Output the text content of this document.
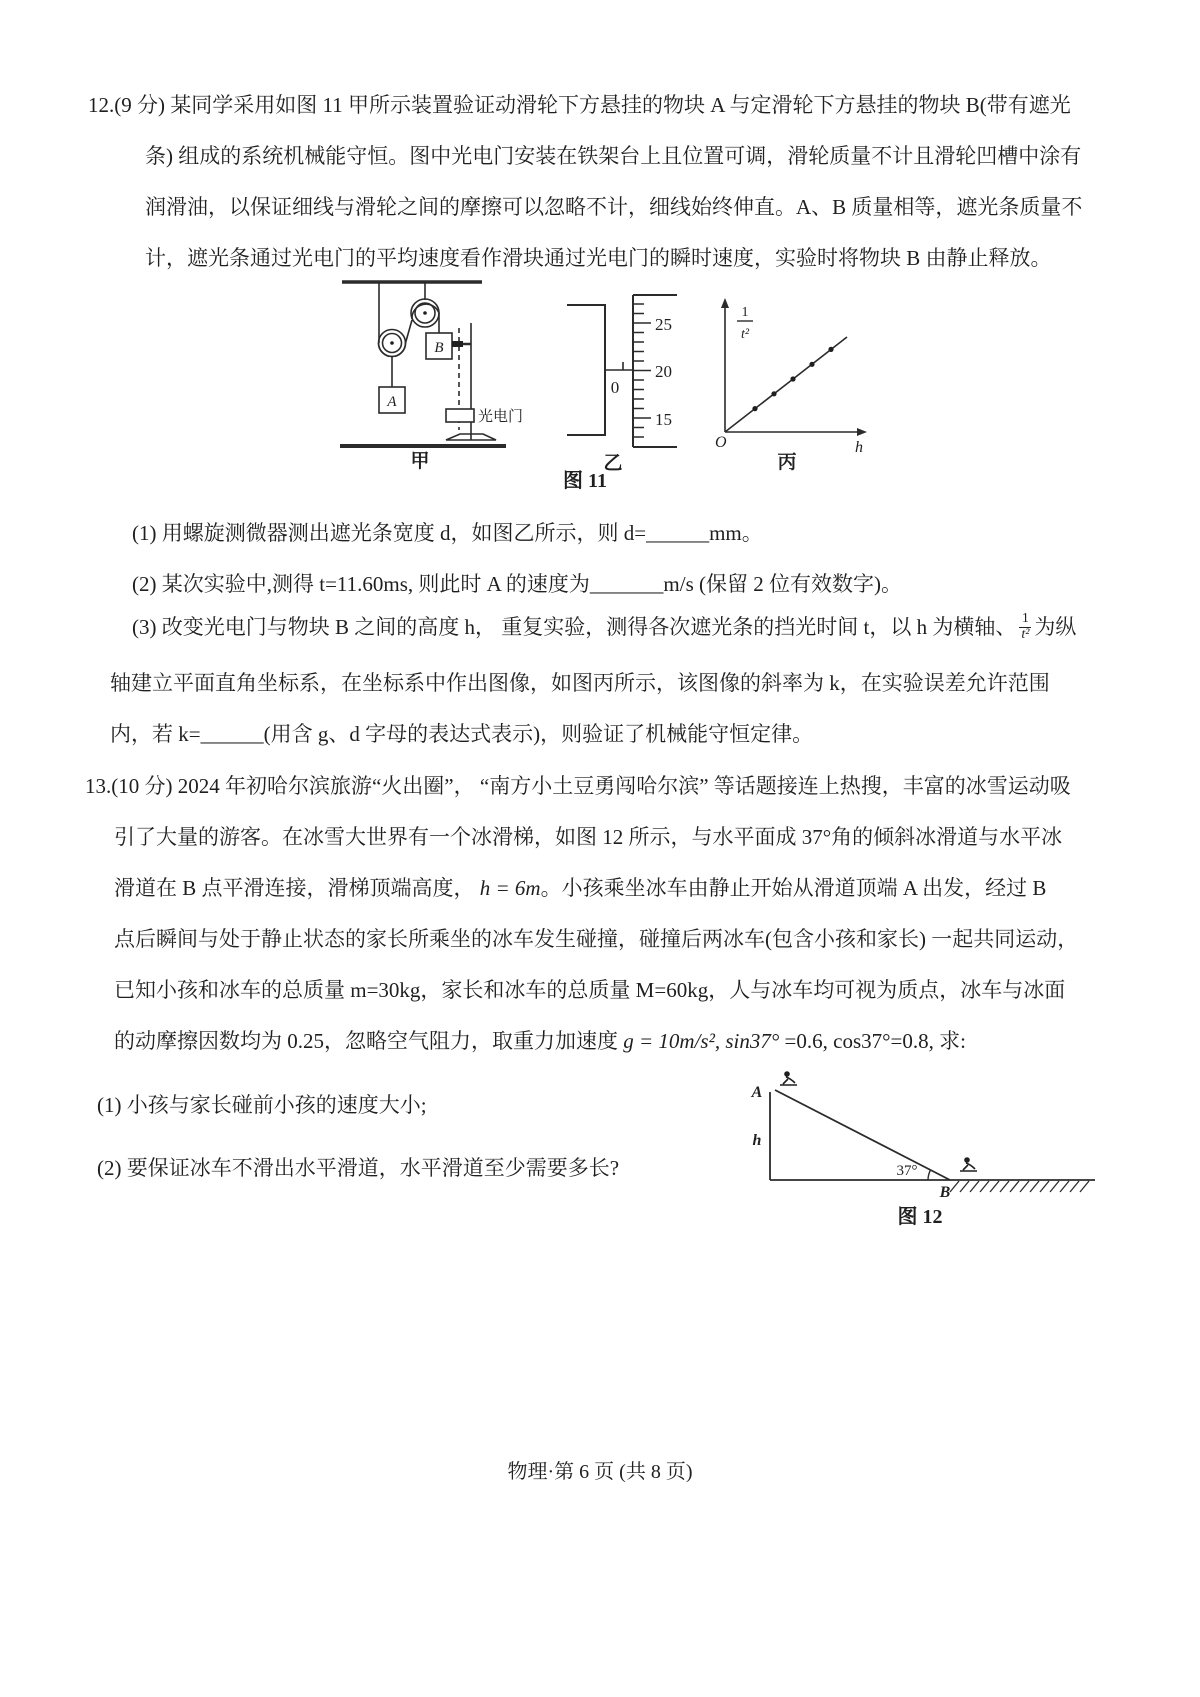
12.(9 分) 某同学采用如图 11 甲所示装置验证动滑轮下方悬挂的物块 A 与定滑轮下方悬挂的物块 B(带有遮光
条) 组成的系统机械能守恒。图中光电门安装在铁架台上且位置可调，滑轮质量不计且滑轮凹槽中涂有
润滑油，以保证细线与滑轮之间的摩擦可以忽略不计，细线始终伸直。A、B 质量相等，遮光条质量不
计，遮光条通过光电门的平均速度看作滑块通过光电门的瞬时速度，实验时将物块 B 由静止释放。
A
B
光电门
甲
25
20
15
0
乙
1
t²
O	h
丙
图 11
(1) 用螺旋测微器测出遮光条宽度 d，如图乙所示，则 d=______mm。
(2) 某次实验中,测得 t=11.60ms, 则此时 A 的速度为_______m/s (保留 2 位有效数字)。
(3) 改变光电门与物块 B 之间的高度 h， 重复实验，测得各次遮光条的挡光时间 t，以 h 为横轴、 $\frac{1}{\text{t²}}$ 为纵
轴建立平面直角坐标系，在坐标系中作出图像，如图丙所示，该图像的斜率为 k，在实验误差允许范围
内，若 k=______(用含 g、d 字母的表达式表示)，则验证了机械能守恒定律。
13.(10 分) 2024 年初哈尔滨旅游“火出圈”， “南方小土豆勇闯哈尔滨” 等话题接连上热搜，丰富的冰雪运动吸
引了大量的游客。在冰雪大世界有一个冰滑梯，如图 12 所示，与水平面成 37°角的倾斜冰滑道与水平冰
滑道在 B 点平滑连接，滑梯顶端高度， h = 6m。小孩乘坐冰车由静止开始从滑道顶端 A 出发，经过 B
点后瞬间与处于静止状态的家长所乘坐的冰车发生碰撞，碰撞后两冰车(包含小孩和家长) 一起共同运动，
已知小孩和冰车的总质量 m=30kg，家长和冰车的总质量 M=60kg，人与冰车均可视为质点，冰车与冰面
的动摩擦因数均为 0.25，忽略空气阻力，取重力加速度 g = 10m/s², sin37° =0.6, cos37°=0.8, 求:
(1) 小孩与家长碰前小孩的速度大小;
(2) 要保证冰车不滑出水平滑道，水平滑道至少需要多长?
A
h
37°
B
图 12
物理·第 6 页 (共 8 页)
